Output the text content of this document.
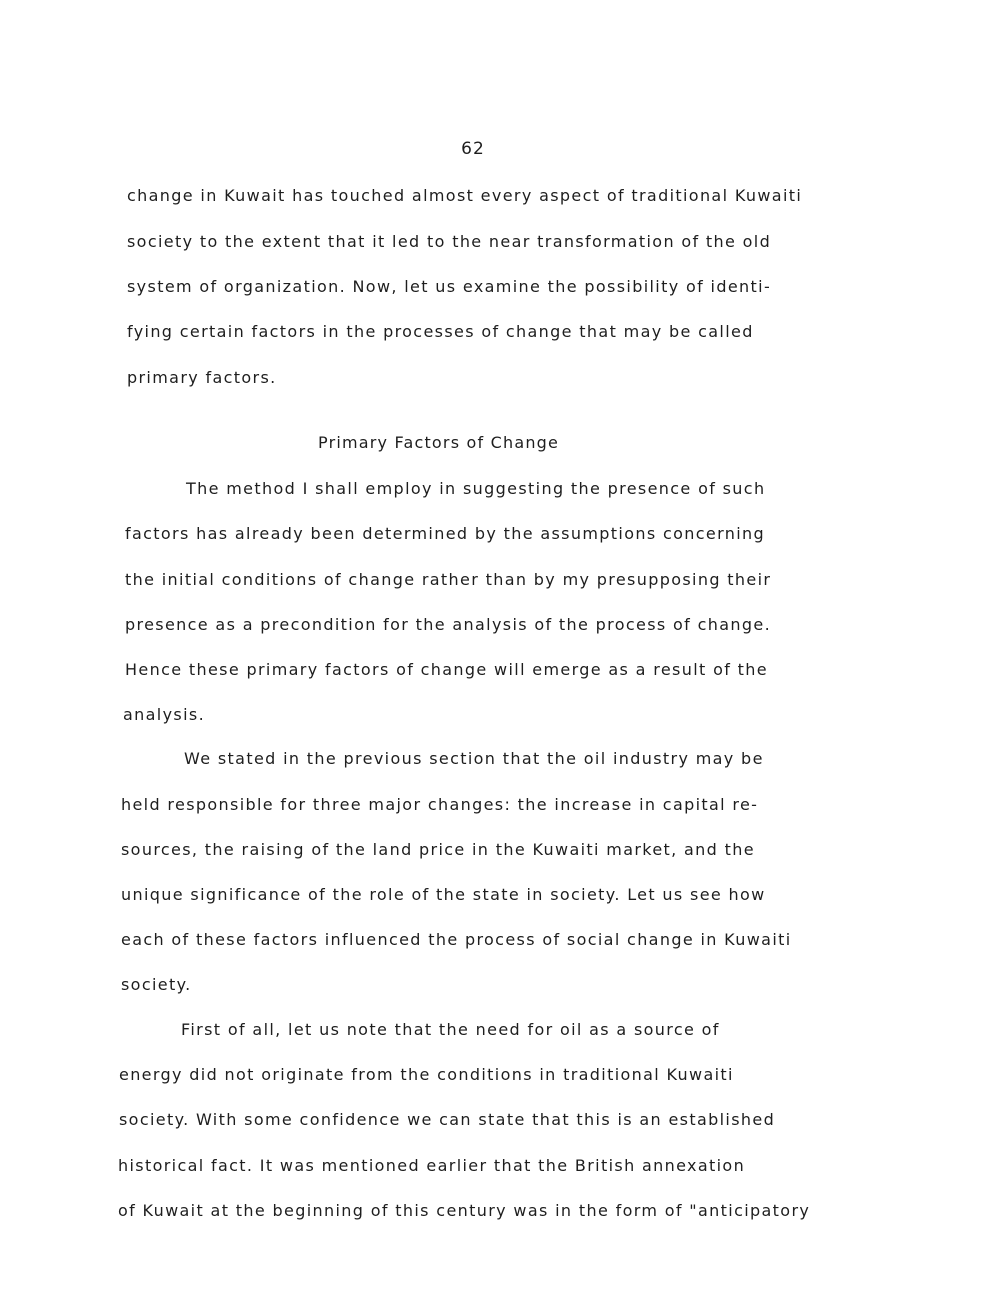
62
change in Kuwait has touched almost every aspect of traditional Kuwaiti
society to the extent that it led to the near transformation of the old
system of organization. Now, let us examine the possibility of identi-
fying certain factors in the processes of change that may be called
primary factors.
Primary Factors of Change
The method I shall employ in suggesting the presence of such
factors has already been determined by the assumptions concerning
the initial conditions of change rather than by my presupposing their
presence as a precondition for the analysis of the process of change.
Hence these primary factors of change will emerge as a result of the
analysis.
We stated in the previous section that the oil industry may be
held responsible for three major changes: the increase in capital re-
sources, the raising of the land price in the Kuwaiti market, and the
unique significance of the role of the state in society. Let us see how
each of these factors influenced the process of social change in Kuwaiti
society.
First of all, let us note that the need for oil as a source of
energy did not originate from the conditions in traditional Kuwaiti
society. With some confidence we can state that this is an established
historical fact. It was mentioned earlier that the British annexation
of Kuwait at the beginning of this century was in the form of "anticipatory
